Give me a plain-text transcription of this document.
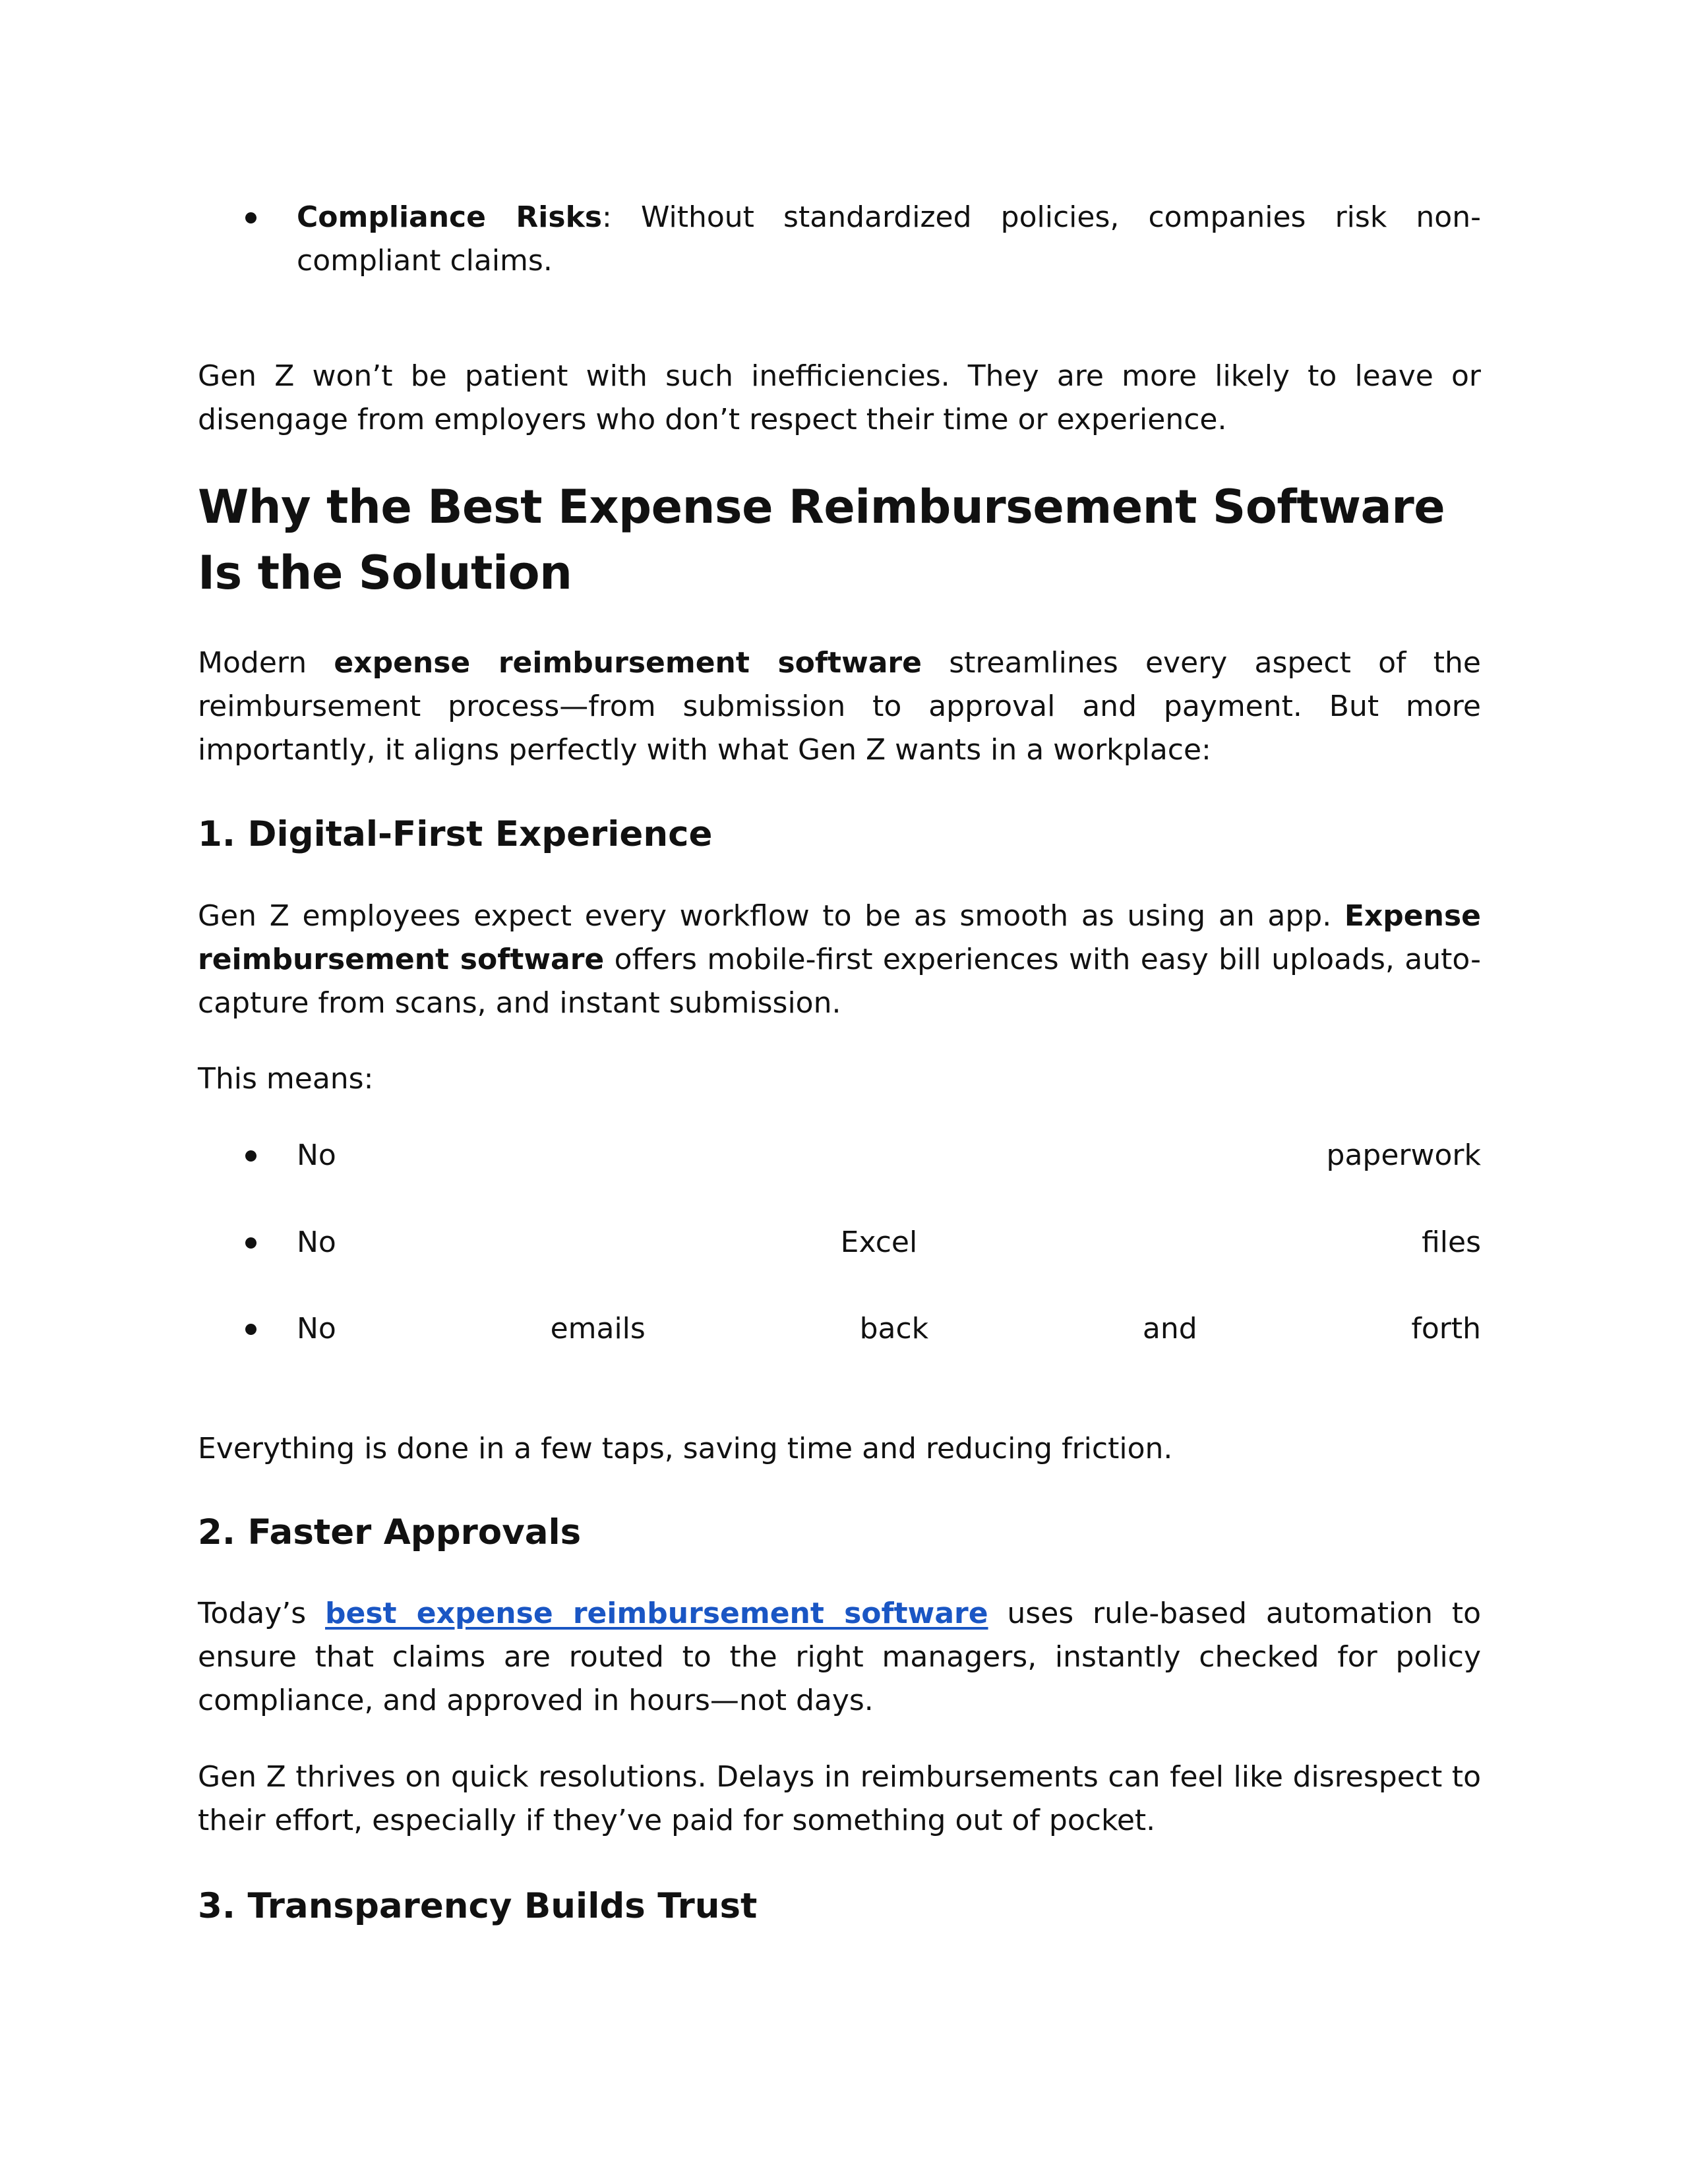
Compliance Risks: Without standardized policies, companies risk non-compliant claims.

Gen Z won’t be patient with such inefficiencies. They are more likely to leave or disengage from employers who don’t respect their time or experience.

Why the Best Expense Reimbursement Software Is the Solution

Modern expense reimbursement software streamlines every aspect of the reimbursement process—from submission to approval and payment. But more importantly, it aligns perfectly with what Gen Z wants in a workplace:

1. Digital-First Experience

Gen Z employees expect every workflow to be as smooth as using an app. Expense reimbursement software offers mobile-first experiences with easy bill uploads, auto-capture from scans, and instant submission.

This means:

No	paperwork
No	Excel	files
No	emails	back	and	forth

Everything is done in a few taps, saving time and reducing friction.

2. Faster Approvals

Today’s best expense reimbursement software uses rule-based automation to ensure that claims are routed to the right managers, instantly checked for policy compliance, and approved in hours—not days.

Gen Z thrives on quick resolutions. Delays in reimbursements can feel like disrespect to their effort, especially if they’ve paid for something out of pocket.

3. Transparency Builds Trust
